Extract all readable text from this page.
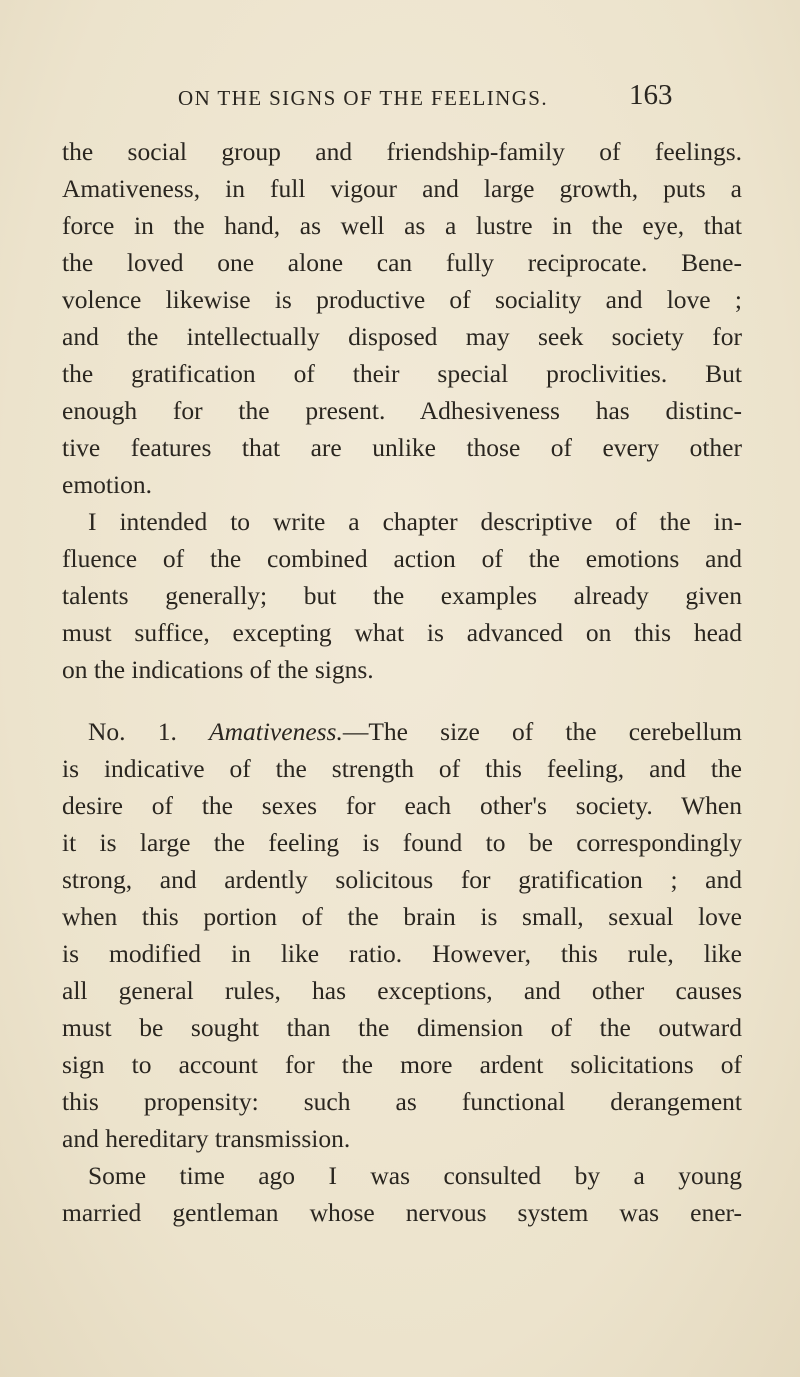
ON THE SIGNS OF THE FEELINGS.	163
the social group and friendship-family of feelings.
Amativeness, in full vigour and large growth, puts a
force in the hand, as well as a lustre in the eye, that
the loved one alone can fully reciprocate. Bene-
volence likewise is productive of sociality and love ;
and the intellectually disposed may seek society for
the gratification of their special proclivities. But
enough for the present. Adhesiveness has distinc-
tive features that are unlike those of every other
emotion.
I intended to write a chapter descriptive of the in-
fluence of the combined action of the emotions and
talents generally; but the examples already given
must suffice, excepting what is advanced on this head
on the indications of the signs.
No. 1. Amativeness.—The size of the cerebellum
is indicative of the strength of this feeling, and the
desire of the sexes for each other's society. When
it is large the feeling is found to be correspondingly
strong, and ardently solicitous for gratification ; and
when this portion of the brain is small, sexual love
is modified in like ratio. However, this rule, like
all general rules, has exceptions, and other causes
must be sought than the dimension of the outward
sign to account for the more ardent solicitations of
this propensity: such as functional derangement
and hereditary transmission.
Some time ago I was consulted by a young
married gentleman whose nervous system was ener-
